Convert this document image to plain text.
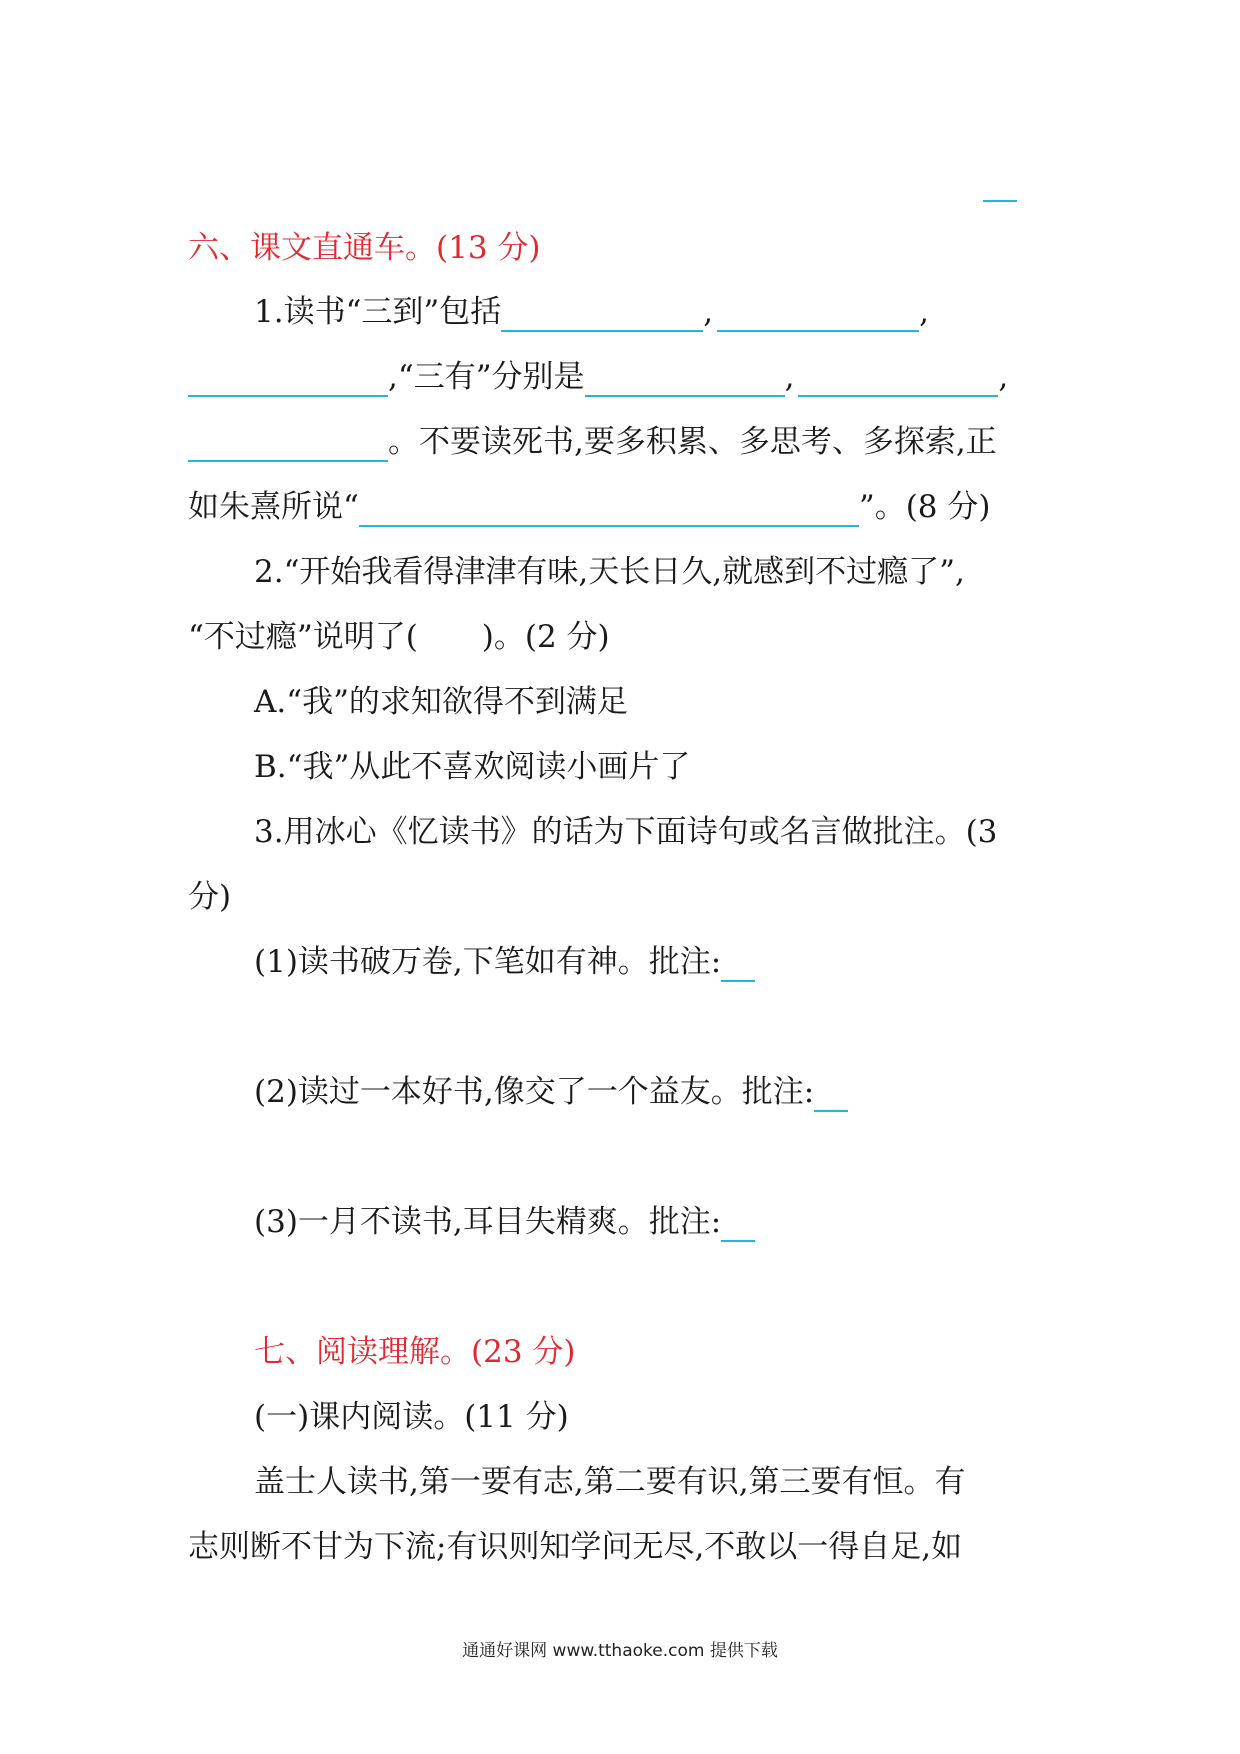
六、课文直通车。(13 分)
1.读书“三到”包括	,	,
,“三有”分别是	,	,
。不要读死书,要多积累、多思考、多探索,正
如朱熹所说“	”。(8 分)
2.“开始我看得津津有味,天长日久,就感到不过瘾了”,
“不过瘾”说明了( )。(2 分)
A.“我”的求知欲得不到满足
B.“我”从此不喜欢阅读小画片了
3.用冰心《忆读书》的话为下面诗句或名言做批注。(3
分)
(1)读书破万卷,下笔如有神。批注:
(2)读过一本好书,像交了一个益友。批注:
(3)一月不读书,耳目失精爽。批注:
七、阅读理解。(23 分)
(一)课内阅读。(11 分)
盖士人读书,第一要有志,第二要有识,第三要有恒。有
志则断不甘为下流;有识则知学问无尽,不敢以一得自足,如
通通好课网 www.tthaoke.com 提供下载
